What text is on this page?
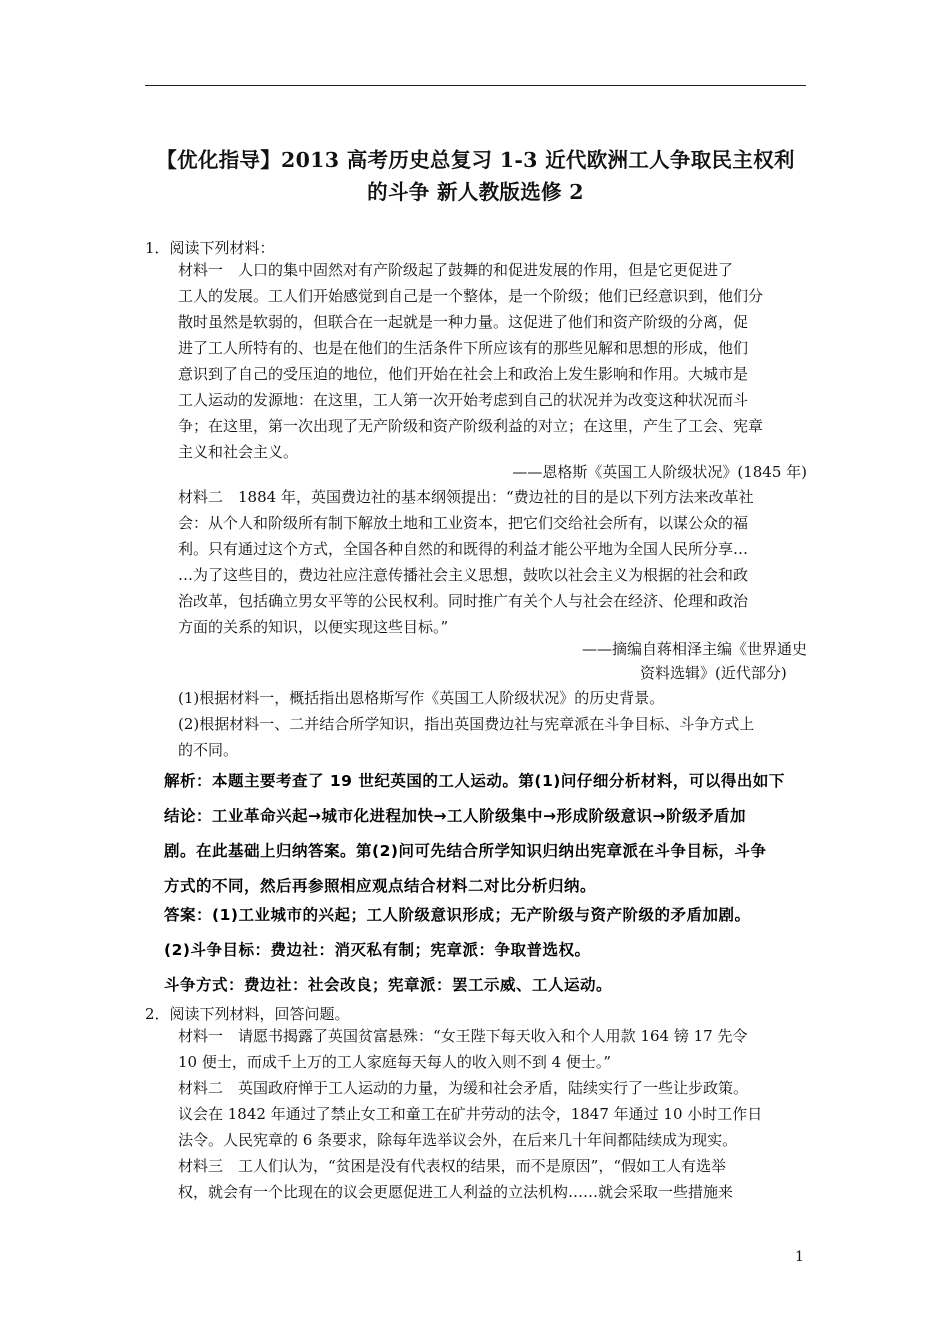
【优化指导】2013 高考历史总复习 1-3 近代欧洲工人争取民主权利
的斗争 新人教版选修 2
1．阅读下列材料：
材料一　人口的集中固然对有产阶级起了鼓舞的和促进发展的作用，但是它更促进了
工人的发展。工人们开始感觉到自己是一个整体，是一个阶级；他们已经意识到，他们分
散时虽然是软弱的，但联合在一起就是一种力量。这促进了他们和资产阶级的分离，促
进了工人所特有的、也是在他们的生活条件下所应该有的那些见解和思想的形成，他们
意识到了自己的受压迫的地位，他们开始在社会上和政治上发生影响和作用。大城市是
工人运动的发源地：在这里，工人第一次开始考虑到自己的状况并为改变这种状况而斗
争；在这里，第一次出现了无产阶级和资产阶级利益的对立；在这里，产生了工会、宪章
主义和社会主义。
——恩格斯《英国工人阶级状况》(1845 年)
材料二　1884 年，英国费边社的基本纲领提出：“费边社的目的是以下列方法来改革社
会：从个人和阶级所有制下解放土地和工业资本，把它们交给社会所有，以谋公众的福
利。只有通过这个方式，全国各种自然的和既得的利益才能公平地为全国人民所分享…
…为了这些目的，费边社应注意传播社会主义思想，鼓吹以社会主义为根据的社会和政
治改革，包括确立男女平等的公民权利。同时推广有关个人与社会在经济、伦理和政治
方面的关系的知识，以便实现这些目标。”
——摘编自蒋相泽主编《世界通史
资料选辑》(近代部分)
(1)根据材料一，概括指出恩格斯写作《英国工人阶级状况》的历史背景。
(2)根据材料一、二并结合所学知识，指出英国费边社与宪章派在斗争目标、斗争方式上
的不同。
解析：本题主要考查了 19 世纪英国的工人运动。第(1)问仔细分析材料，可以得出如下
结论：工业革命兴起→城市化进程加快→工人阶级集中→形成阶级意识→阶级矛盾加
剧。在此基础上归纳答案。第(2)问可先结合所学知识归纳出宪章派在斗争目标，斗争
方式的不同，然后再参照相应观点结合材料二对比分析归纳。
答案：(1)工业城市的兴起；工人阶级意识形成；无产阶级与资产阶级的矛盾加剧。
(2)斗争目标：费边社：消灭私有制；宪章派：争取普选权。
斗争方式：费边社：社会改良；宪章派：罢工示威、工人运动。
2．阅读下列材料，回答问题。
材料一　请愿书揭露了英国贫富悬殊：“女王陛下每天收入和个人用款 164 镑 17 先令
10 便士，而成千上万的工人家庭每天每人的收入则不到 4 便士。”
材料二　英国政府惮于工人运动的力量，为缓和社会矛盾，陆续实行了一些让步政策。
议会在 1842 年通过了禁止女工和童工在矿井劳动的法令，1847 年通过 10 小时工作日
法令。人民宪章的 6 条要求，除每年选举议会外，在后来几十年间都陆续成为现实。
材料三　工人们认为，“贫困是没有代表权的结果，而不是原因”，“假如工人有选举
权，就会有一个比现在的议会更愿促进工人利益的立法机构……就会采取一些措施来
1
